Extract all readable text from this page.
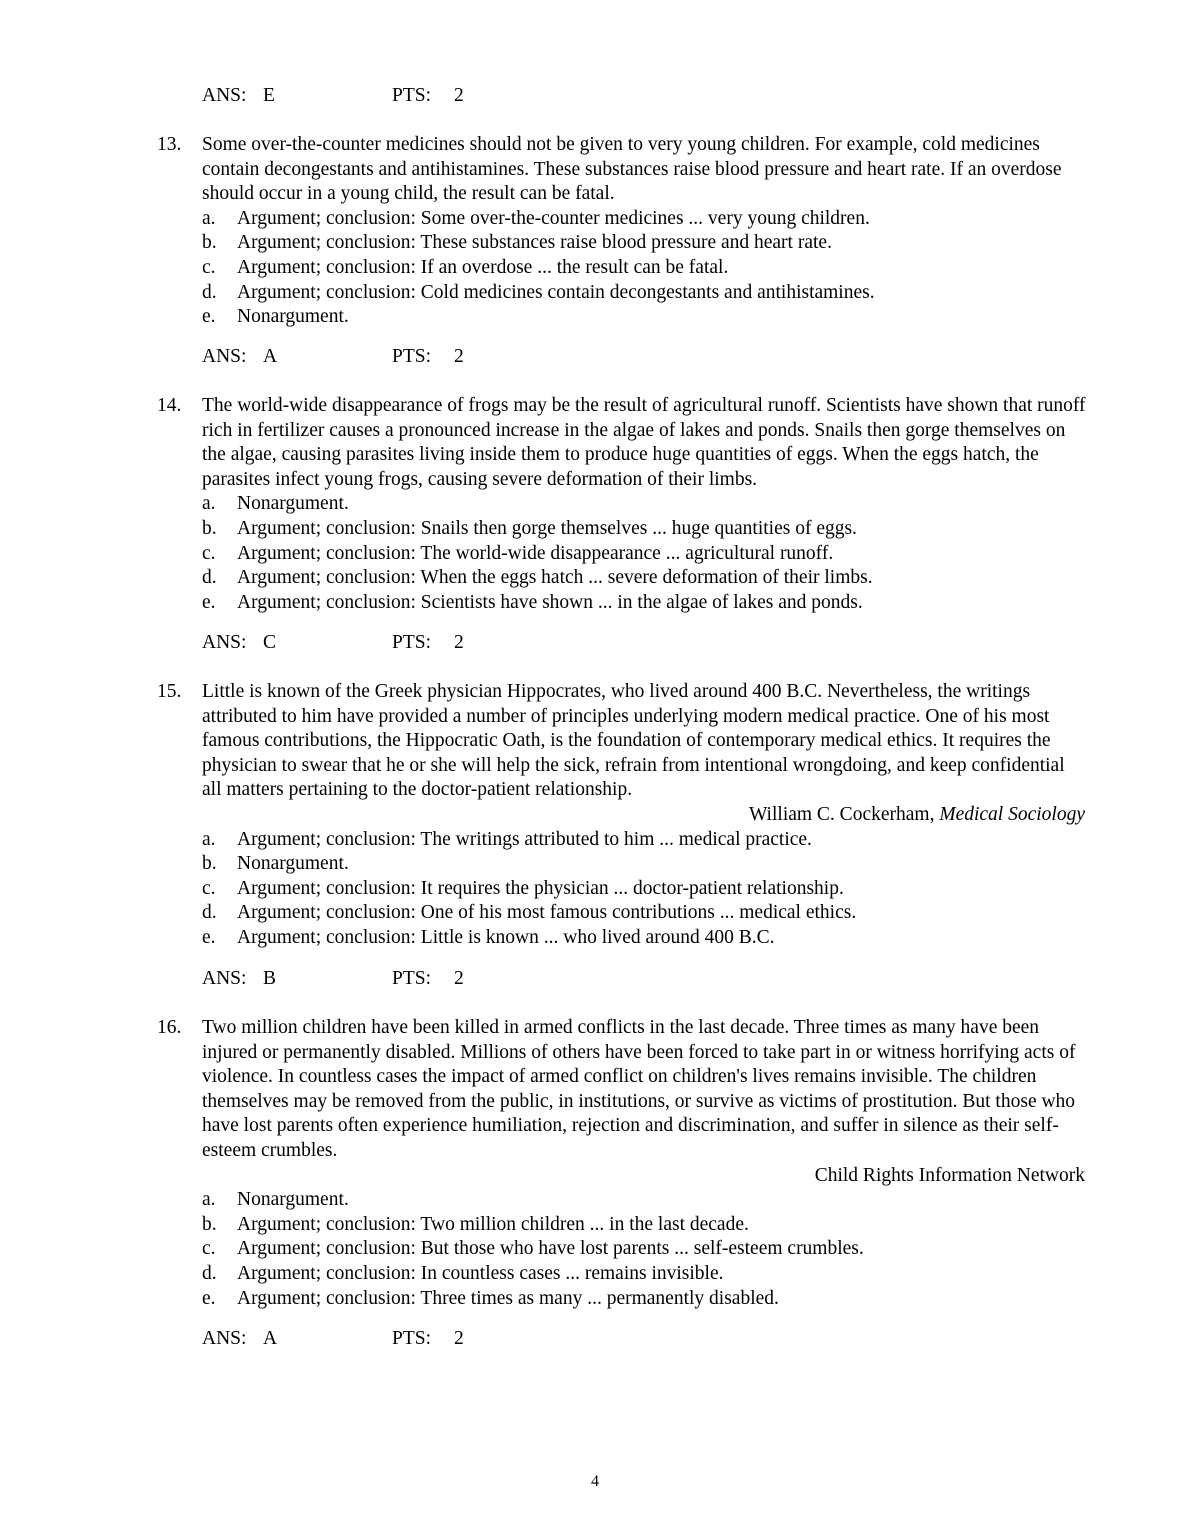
ANS: E	PTS: 2
13. Some over-the-counter medicines should not be given to very young children. For example, cold medicines contain decongestants and antihistamines. These substances raise blood pressure and heart rate. If an overdose should occur in a young child, the result can be fatal.
a. Argument; conclusion: Some over-the-counter medicines ... very young children.
b. Argument; conclusion: These substances raise blood pressure and heart rate.
c. Argument; conclusion: If an overdose ... the result can be fatal.
d. Argument; conclusion: Cold medicines contain decongestants and antihistamines.
e. Nonargument.
ANS: A	PTS: 2
14. The world-wide disappearance of frogs may be the result of agricultural runoff. Scientists have shown that runoff rich in fertilizer causes a pronounced increase in the algae of lakes and ponds. Snails then gorge themselves on the algae, causing parasites living inside them to produce huge quantities of eggs. When the eggs hatch, the parasites infect young frogs, causing severe deformation of their limbs.
a. Nonargument.
b. Argument; conclusion: Snails then gorge themselves ... huge quantities of eggs.
c. Argument; conclusion: The world-wide disappearance ... agricultural runoff.
d. Argument; conclusion: When the eggs hatch ... severe deformation of their limbs.
e. Argument; conclusion: Scientists have shown ... in the algae of lakes and ponds.
ANS: C	PTS: 2
15. Little is known of the Greek physician Hippocrates, who lived around 400 B.C. Nevertheless, the writings attributed to him have provided a number of principles underlying modern medical practice. One of his most famous contributions, the Hippocratic Oath, is the foundation of contemporary medical ethics. It requires the physician to swear that he or she will help the sick, refrain from intentional wrongdoing, and keep confidential all matters pertaining to the doctor-patient relationship.
William C. Cockerham, Medical Sociology
a. Argument; conclusion: The writings attributed to him ... medical practice.
b. Nonargument.
c. Argument; conclusion: It requires the physician ... doctor-patient relationship.
d. Argument; conclusion: One of his most famous contributions ... medical ethics.
e. Argument; conclusion: Little is known ... who lived around 400 B.C.
ANS: B	PTS: 2
16. Two million children have been killed in armed conflicts in the last decade. Three times as many have been injured or permanently disabled. Millions of others have been forced to take part in or witness horrifying acts of violence. In countless cases the impact of armed conflict on children's lives remains invisible. The children themselves may be removed from the public, in institutions, or survive as victims of prostitution. But those who have lost parents often experience humiliation, rejection and discrimination, and suffer in silence as their self-esteem crumbles.
Child Rights Information Network
a. Nonargument.
b. Argument; conclusion: Two million children ... in the last decade.
c. Argument; conclusion: But those who have lost parents ... self-esteem crumbles.
d. Argument; conclusion: In countless cases ... remains invisible.
e. Argument; conclusion: Three times as many ... permanently disabled.
ANS: A	PTS: 2
4
